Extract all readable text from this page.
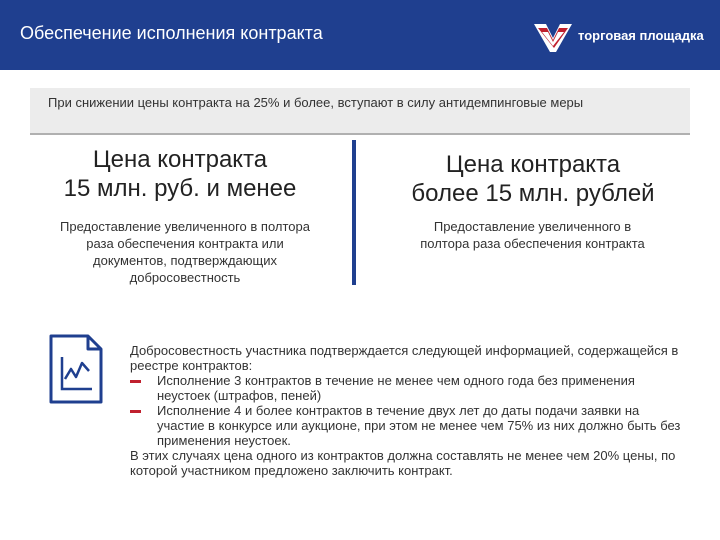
Обеспечение исполнения контракта	торговая площадка
При снижении цены контракта на 25% и более, вступают в силу антидемпинговые меры
Цена контракта
15 млн. руб. и менее
Предоставление увеличенного в полтора раза обеспечения контракта или документов, подтверждающих добросовестность
Цена контракта
более 15 млн. рублей
Предоставление увеличенного в полтора раза обеспечения контракта

Добросовестность участника подтверждается следующей информацией, содержащейся в реестре контрактов:

Исполнение 3 контрактов в течение не менее чем одного года без применения неустоек (штрафов, пеней)
Исполнение 4 и более контрактов в течение двух лет до даты подачи заявки на участие в конкурсе или аукционе, при этом не менее чем 75% из них должно быть без применения неустоек.

В этих случаях цена одного из контрактов должна составлять не менее чем 20% цены, по которой участником предложено заключить контракт.
